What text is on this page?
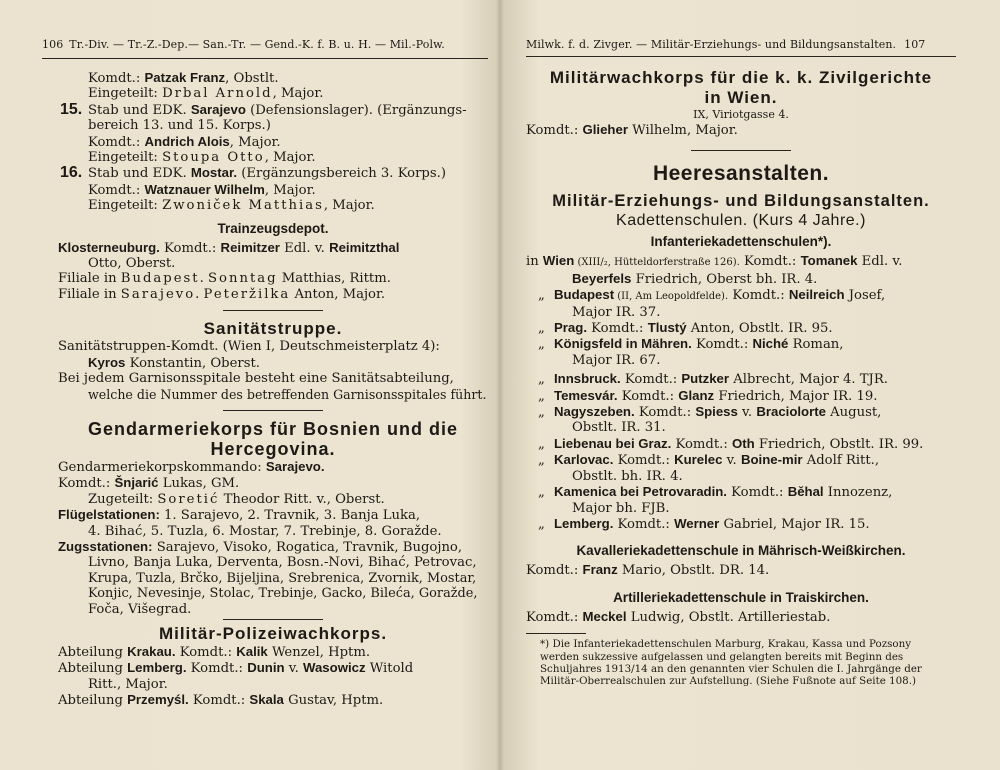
106 Tr.-Div. — Tr.-Z.-Dep.— San.-Tr. — Gend.-K. f. B. u. H. — Mil.-Polw.
Komdt.: Patzak Franz, Obstlt.
Eingeteilt: Drbal Arnold, Major.
15. Stab und EDK. Sarajevo (Defensionslager). (Ergänzungs-
bereich 13. und 15. Korps.)
Komdt.: Andrich Alois, Major.
Eingeteilt: Stoupa Otto, Major.
16. Stab und EDK. Mostar. (Ergänzungsbereich 3. Korps.)
Komdt.: Watznauer Wilhelm, Major.
Eingeteilt: Zwoniček Matthias, Major.
Trainzeugsdepot.
Klosterneuburg. Komdt.: Reimitzer Edl. v. Reimitzthal
Otto, Oberst.
Filiale in Budapest. Sonntag Matthias, Rittm.
Filiale in Sarajevo. Peteržilka Anton, Major.
Sanitätstruppe.
Sanitätstruppen-Komdt. (Wien I, Deutschmeisterplatz 4):
Kyros Konstantin, Oberst.
Bei jedem Garnisonsspitale besteht eine Sanitätsabteilung,
welche die Nummer des betreffenden Garnisonsspitales führt.
Gendarmeriekorps für Bosnien und die
Hercegovina.
Gendarmeriekorpskommando: Sarajevo.
Komdt.: Šnjarić Lukas, GM.
Zugeteilt: Soretić Theodor Ritt. v., Oberst.
Flügelstationen: 1. Sarajevo, 2. Travnik, 3. Banja Luka,
4. Bihać, 5. Tuzla, 6. Mostar, 7. Trebinje, 8. Goražde.
Zugsstationen: Sarajevo, Visoko, Rogatica, Travnik, Bugojno,
Livno, Banja Luka, Derventa, Bosn.-Novi, Bihać, Petrovac,
Krupa, Tuzla, Brčko, Bijeljina, Srebrenica, Zvornik, Mostar,
Konjic, Nevesinje, Stolac, Trebinje, Gacko, Bileća, Goražde,
Foča, Višegrad.
Militär-Polizeiwachkorps.
Abteilung Krakau. Komdt.: Kalik Wenzel, Hptm.
Abteilung Lemberg. Komdt.: Dunin v. Wasowicz Witold
Ritt., Major.
Abteilung Przemyśl. Komdt.: Skala Gustav, Hptm.
Milwk. f. d. Zivger. — Militär-Erziehungs- und Bildungsanstalten. 107
Militärwachkorps für die k. k. Zivilgerichte
in Wien.
IX, Viriotgasse 4.
Komdt.: Glieher Wilhelm, Major.
Heeresanstalten.
Militär-Erziehungs- und Bildungsanstalten.
Kadettenschulen. (Kurs 4 Jahre.)
Infanteriekadettenschulen*).
in Wien (XIII/₂, Hütteldorferstraße 126). Komdt.: Tomanek Edl. v.
Beyerfels Friedrich, Oberst bh. IR. 4.
„ Budapest (II, Am Leopoldfelde). Komdt.: Neilreich Josef,
Major IR. 37.
„ Prag. Komdt.: Tlustý Anton, Obstlt. IR. 95.
„ Königsfeld in Mähren. Komdt.: Niché Roman,
Major IR. 67.
„ Innsbruck. Komdt.: Putzker Albrecht, Major 4. TJR.
„ Temesvár. Komdt.: Glanz Friedrich, Major IR. 19.
„ Nagyszeben. Komdt.: Spiess v. Braciolorte August,
Obstlt. IR. 31.
„ Liebenau bei Graz. Komdt.: Oth Friedrich, Obstlt. IR. 99.
„ Karlovac. Komdt.: Kurelec v. Boine-mir Adolf Ritt.,
Obstlt. bh. IR. 4.
„ Kamenica bei Petrovaradin. Komdt.: Běhal Innozenz,
Major bh. FJB.
„ Lemberg. Komdt.: Werner Gabriel, Major IR. 15.
Kavalleriekadettenschule in Mährisch-Weißkirchen.
Komdt.: Franz Mario, Obstlt. DR. 14.
Artilleriekadettenschule in Traiskirchen.
Komdt.: Meckel Ludwig, Obstlt. Artilleriestab.
*) Die Infanteriekadettenschulen Marburg, Krakau, Kassa und Pozsony werden sukzessive aufgelassen und gelangten bereits mit Beginn des Schuljahres 1913/14 an den genannten vier Schulen die I. Jahrgänge der Militär-Oberrealschulen zur Aufstellung. (Siehe Fußnote auf Seite 108.)
